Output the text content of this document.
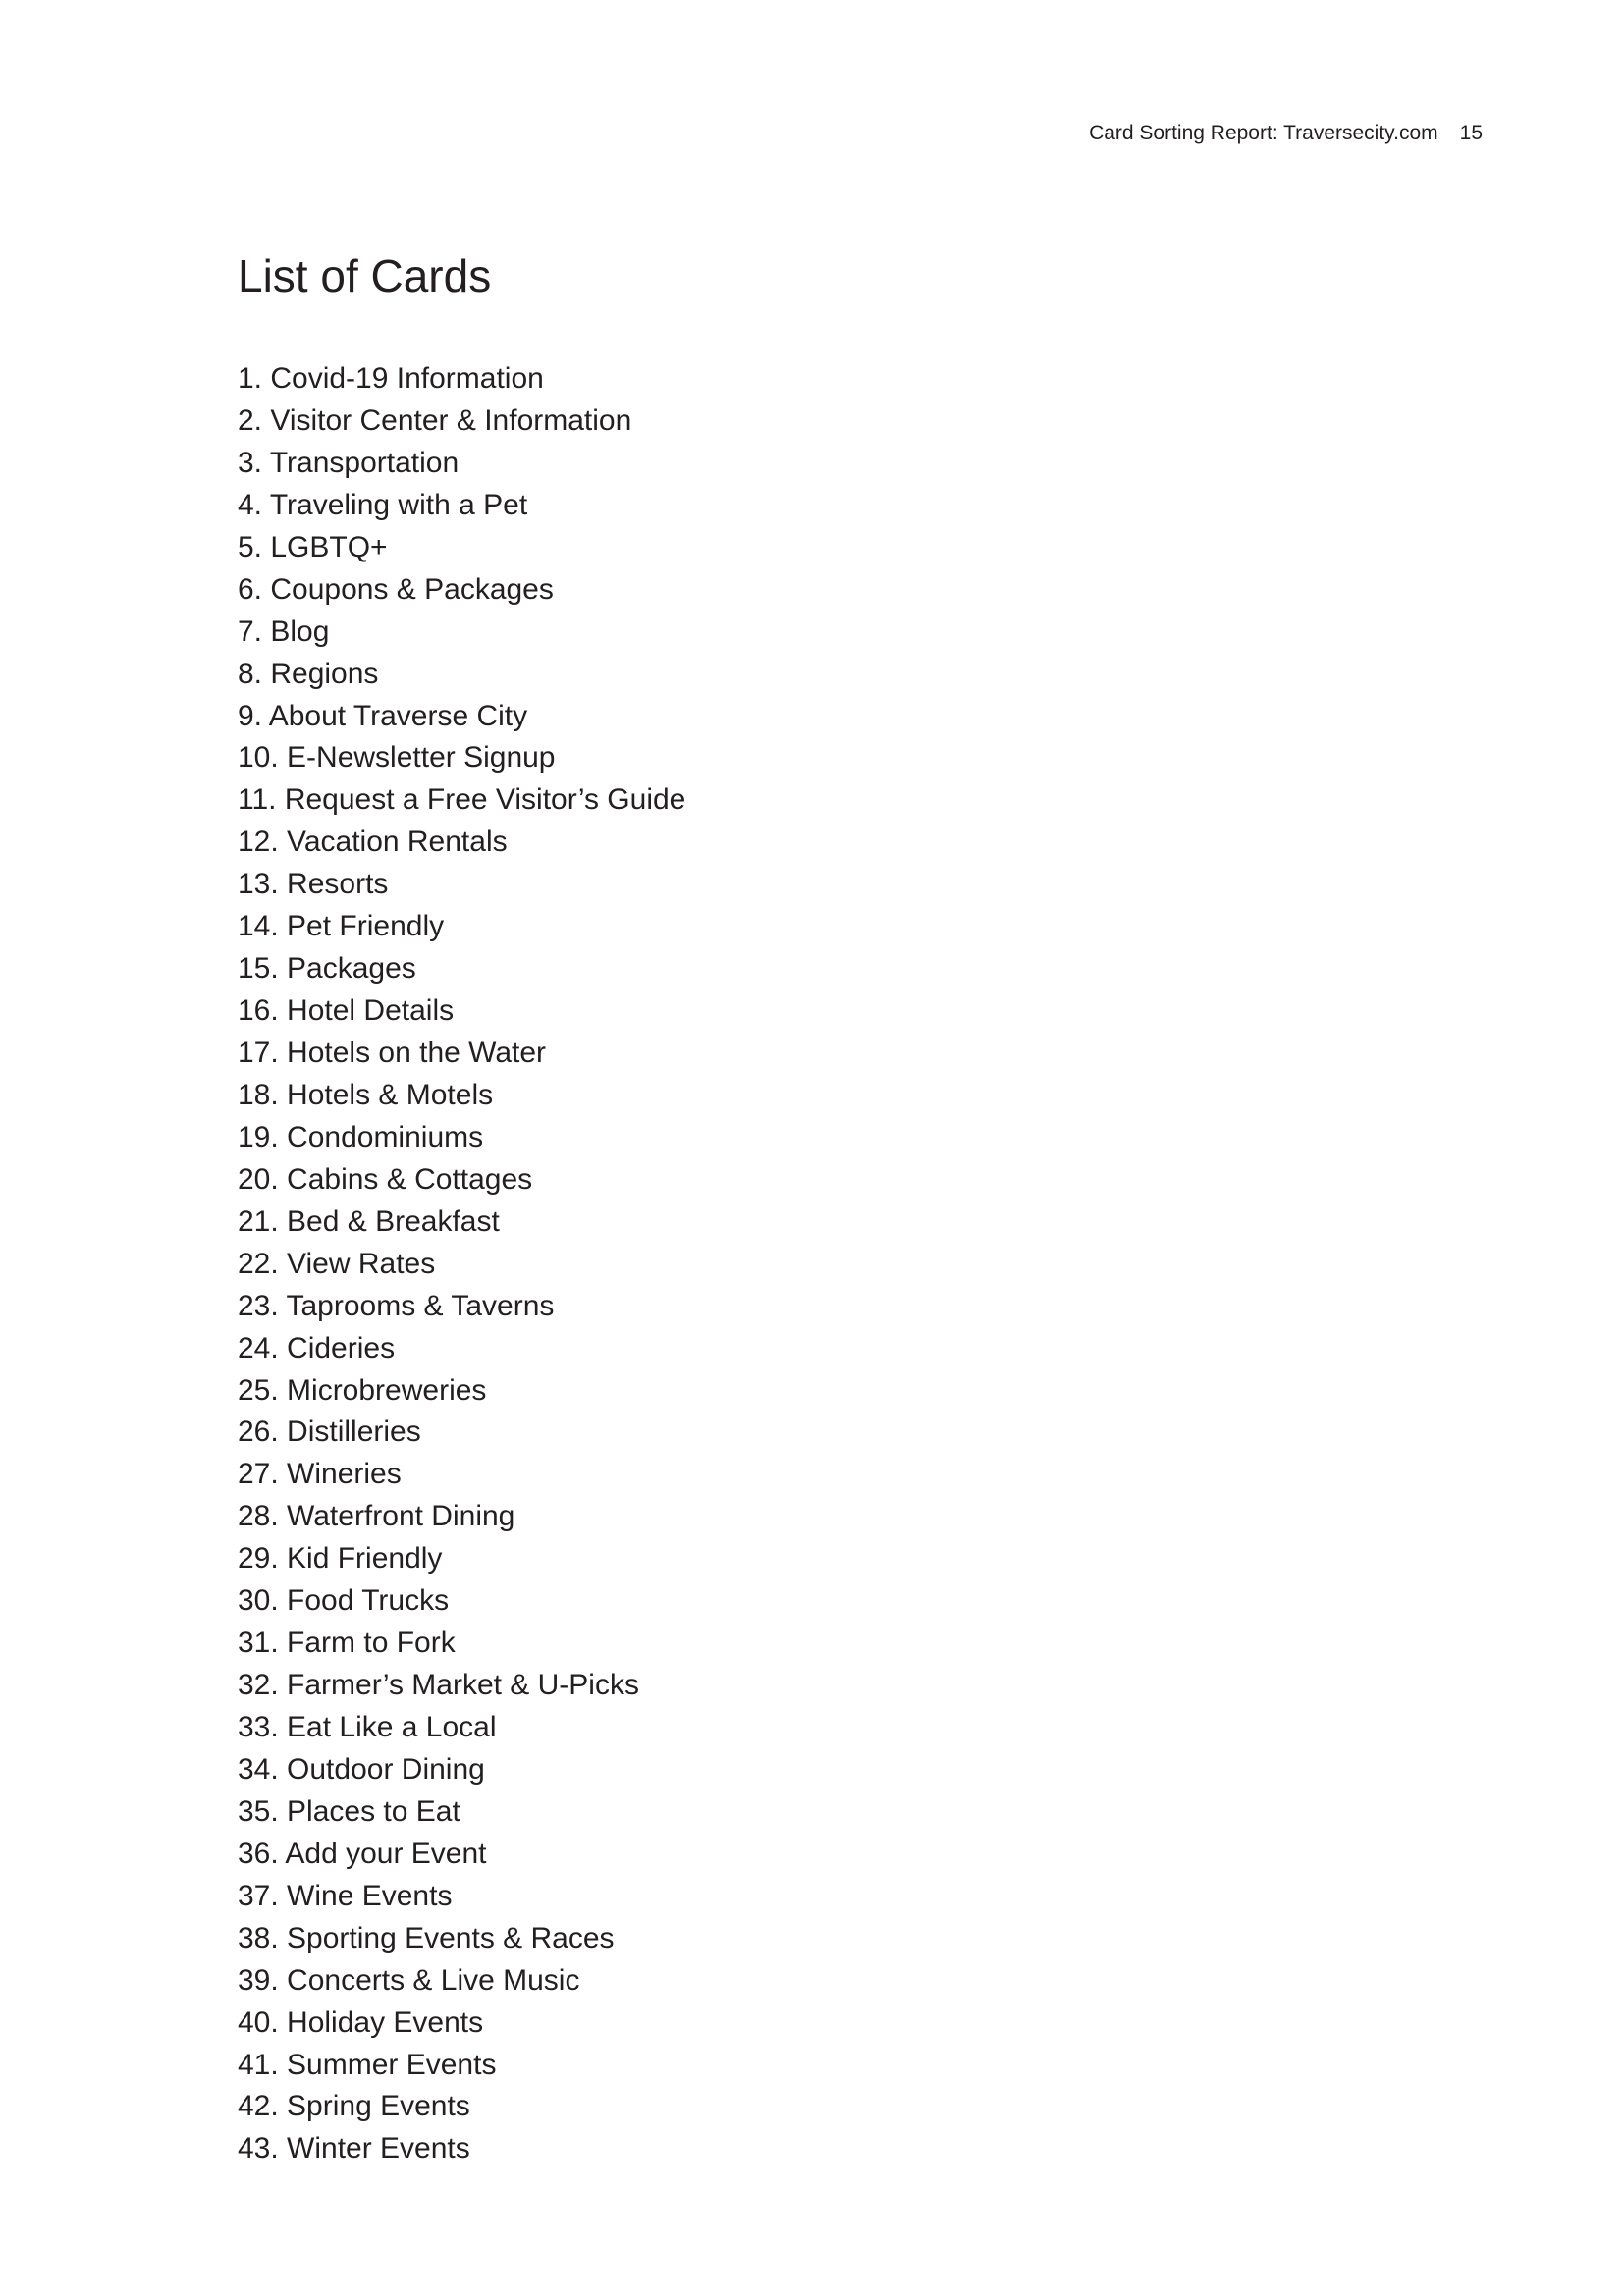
Card Sorting Report: Traversecity.com 15
List of Cards
1. Covid-19 Information
2. Visitor Center & Information
3. Transportation
4. Traveling with a Pet
5. LGBTQ+
6. Coupons & Packages
7. Blog
8. Regions
9. About Traverse City
10. E-Newsletter Signup
11. Request a Free Visitor’s Guide
12. Vacation Rentals
13. Resorts
14. Pet Friendly
15. Packages
16. Hotel Details
17. Hotels on the Water
18. Hotels & Motels
19. Condominiums
20. Cabins & Cottages
21. Bed & Breakfast
22. View Rates
23. Taprooms & Taverns
24. Cideries
25. Microbreweries
26. Distilleries
27. Wineries
28. Waterfront Dining
29. Kid Friendly
30. Food Trucks
31. Farm to Fork
32. Farmer’s Market & U-Picks
33. Eat Like a Local
34. Outdoor Dining
35. Places to Eat
36. Add your Event
37. Wine Events
38. Sporting Events & Races
39. Concerts & Live Music
40. Holiday Events
41. Summer Events
42. Spring Events
43. Winter Events
